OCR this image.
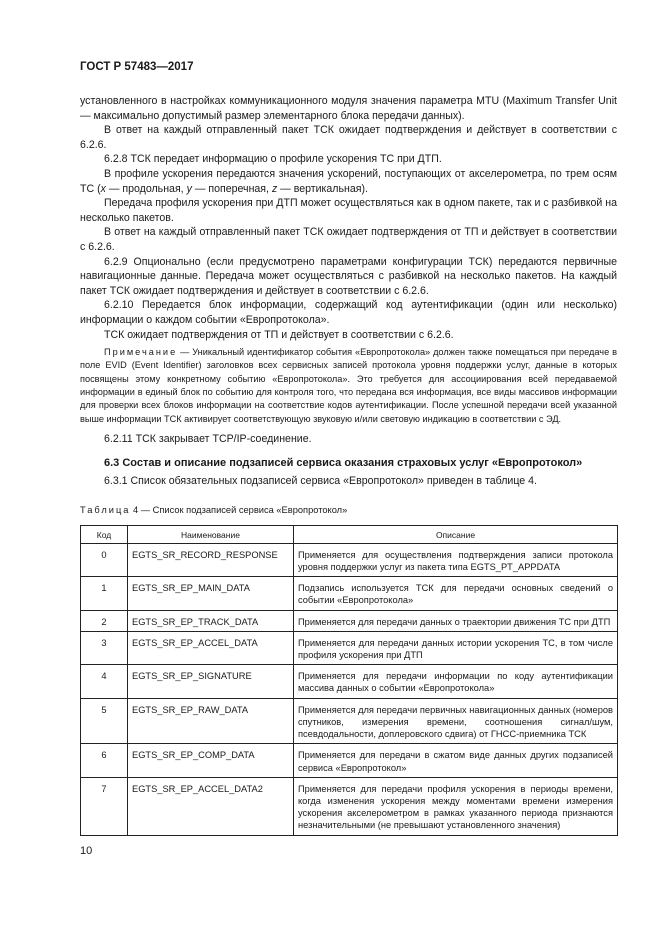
ГОСТ Р 57483—2017

установленного в настройках коммуникационного модуля значения параметра MTU (Maximum Transfer Unit — максимально допустимый размер элементарного блока передачи данных).

В ответ на каждый отправленный пакет ТСК ожидает подтверждения и действует в соответствии с 6.2.6.

6.2.8 ТСК передает информацию о профиле ускорения ТС при ДТП.

В профиле ускорения передаются значения ускорений, поступающих от акселерометра, по трем осям ТС (x — продольная, y — поперечная, z — вертикальная).

Передача профиля ускорения при ДТП может осуществляться как в одном пакете, так и с разбивкой на несколько пакетов.

В ответ на каждый отправленный пакет ТСК ожидает подтверждения от ТП и действует в соответствии с 6.2.6.

6.2.9 Опционально (если предусмотрено параметрами конфигурации ТСК) передаются первичные навигационные данные. Передача может осуществляться с разбивкой на несколько пакетов. На каждый пакет ТСК ожидает подтверждения и действует в соответствии с 6.2.6.

6.2.10 Передается блок информации, содержащий код аутентификации (один или несколько) информации о каждом событии «Европротокола».

ТСК ожидает подтверждения от ТП и действует в соответствии с 6.2.6.

Примечание — Уникальный идентификатор события «Европротокола» должен также помещаться при передаче в поле EVID (Event Identifier) заголовков всех сервисных записей протокола уровня поддержки услуг, данные в которых посвящены этому конкретному событию «Европротокола». Это требуется для ассоциирования всей передаваемой информации в единый блок по событию для контроля того, что передана вся информация, все виды массивов информации для проверки всех блоков информации на соответствие кодов аутентификации. После успешной передачи всей указанной выше информации ТСК активирует соответствующую звуковую и/или световую индикацию в соответствии с ЭД.

6.2.11 ТСК закрывает TCP/IP-соединение.

6.3 Состав и описание подзаписей сервиса оказания страховых услуг «Европротокол»

6.3.1 Список обязательных подзаписей сервиса «Европротокол» приведен в таблице 4.

Таблица 4 — Список подзаписей сервиса «Европротокол»
Код	Наименование	Описание
0	EGTS_SR_RECORD_RESPONSE	Применяется для осуществления подтверждения записи протокола уровня поддержки услуг из пакета типа EGTS_PT_APPDATA
1	EGTS_SR_EP_MAIN_DATA	Подзапись используется ТСК для передачи основных сведений о событии «Европротокола»
2	EGTS_SR_EP_TRACK_DATA	Применяется для передачи данных о траектории движения ТС при ДТП
3	EGTS_SR_EP_ACCEL_DATA	Применяется для передачи данных истории ускорения ТС, в том числе профиля ускорения при ДТП
4	EGTS_SR_EP_SIGNATURE	Применяется для передачи информации по коду аутентификации массива данных о событии «Европротокола»
5	EGTS_SR_EP_RAW_DATA	Применяется для передачи первичных навигационных данных (номеров спутников, измерения времени, соотношения сигнал/шум, псевдодальности, доплеровского сдвига) от ГНСС-приемника ТСК
6	EGTS_SR_EP_COMP_DATA	Применяется для передачи в сжатом виде данных других подзаписей сервиса «Европротокол»
7	EGTS_SR_EP_ACCEL_DATA2	Применяется для передачи профиля ускорения в периоды времени, когда изменения ускорения между моментами времени измерения ускорения акселерометром в рамках указанного периода признаются незначительными (не превышают установленного значения)
10
